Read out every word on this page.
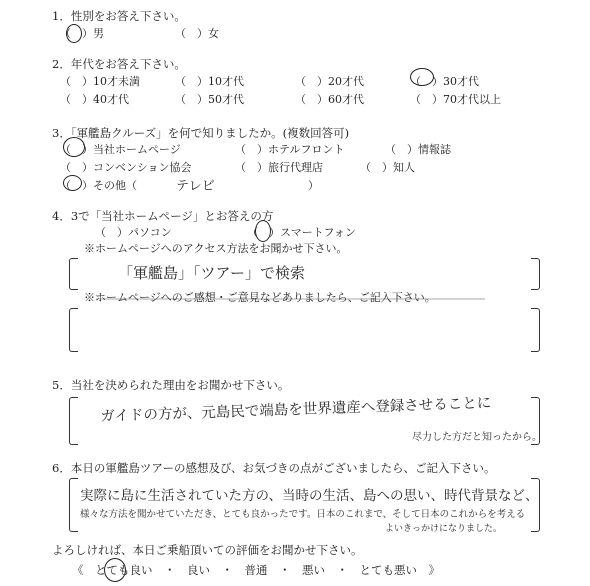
1．性別をお答え下さい。
（　）男	（　）女
2．年代をお答え下さい。
（　）10才未満	（　）10才代	（　）20才代	（　）30才代
（　）40才代	（　）50才代	（　）60才代	（　）70才代以上
3．「軍艦島クルーズ」を何で知りましたか。(複数回答可)
（　）当社ホームページ	（　）ホテルフロント	（　）情報誌
（　）コンベンション協会	（　）旅行代理店	（　）知人
（　）その他（	）
テレビ
4．3で「当社ホームページ」とお答えの方
（　）パソコン	（　）スマートフォン
※ホームページへのアクセス方法をお聞かせ下さい。
「軍艦島」「ツアー」で検索
※ホームページへのご感想・ご意見などありましたら、ご記入下さい。
5．当社を決められた理由をお聞かせ下さい。
ガイドの方が、元島民で端島を世界遺産へ登録させることに
尽力した方だと知ったから。
6．本日の軍艦島ツアーの感想及び、お気づきの点がございましたら、ご記入下さい。
実際に島に生活されていた方の、当時の生活、島への思い、時代背景など、
様々な方法を聞かせていただき、とても良かったです。日本のこれまで、そして日本のこれからを考える
よいきっかけになりました。
よろしければ、本日ご乗船頂いての評価をお聞かせ下さい。
《　とても良い　・　良い　・　普通　・　悪い　・　とても悪い　》
